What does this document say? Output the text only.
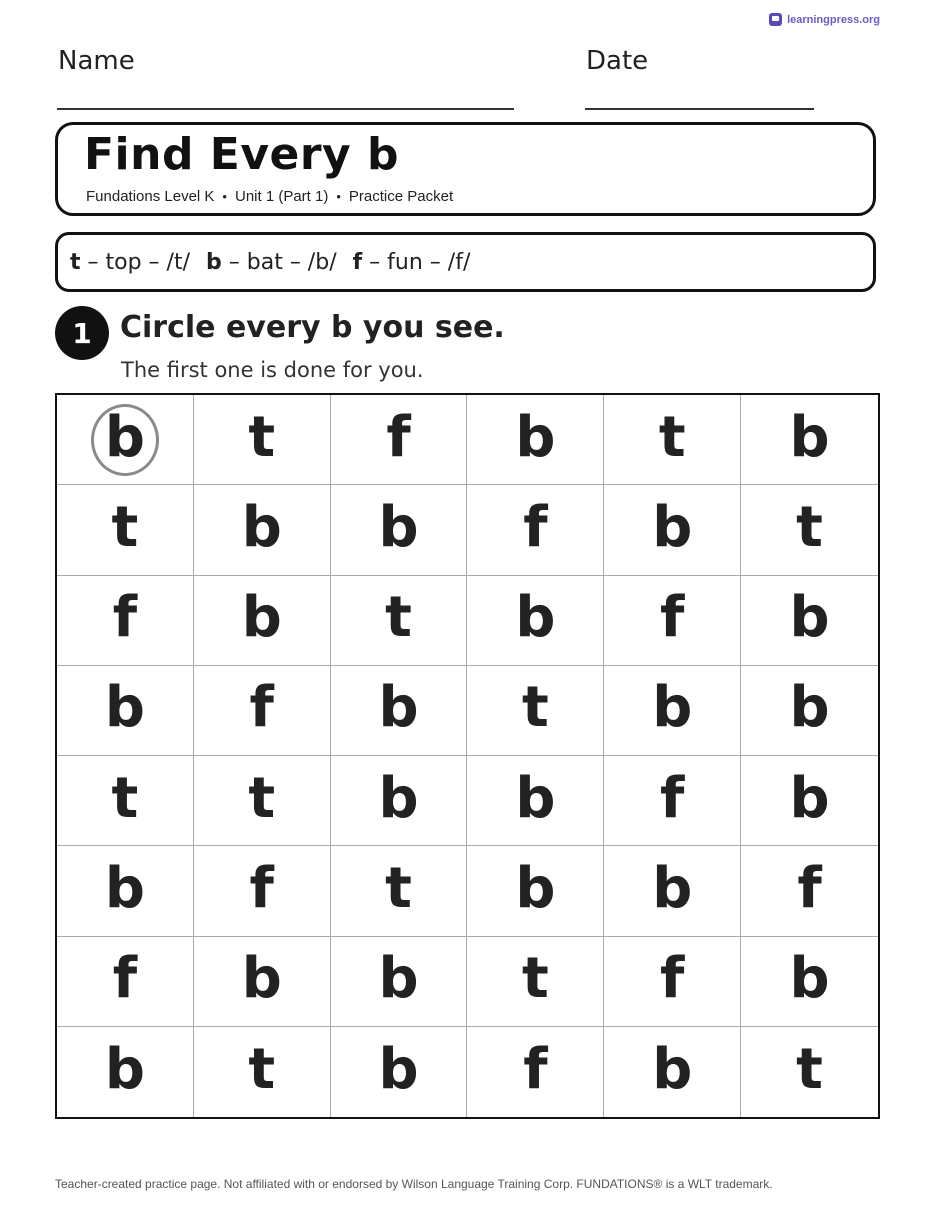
learningpress.org
Name	Date
Find Every b
Fundations Level K • Unit 1 (Part 1) • Practice Packet
t – top – /t/ b – bat – /b/ f – fun – /f/
1 Circle every b you see.
The first one is done for you.
b t f b t b
t b b f b t
f b t b f b
b f b t b b
t t b b f b
b f t b b f
f b b t f b
b t b f b t
Teacher-created practice page. Not affiliated with or endorsed by Wilson Language Training Corp. FUNDATIONS® is a WLT trademark.
